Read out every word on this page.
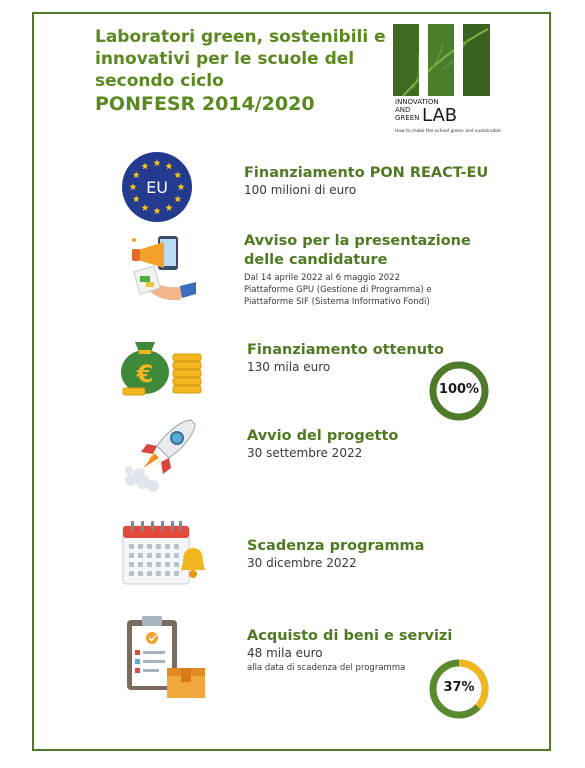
Laboratori green, sostenibili e innovativi per le scuole del secondo ciclo
PONFESR 2014/2020	INNOVATION
AND
GREEN LAB
How to make the school green and sustainable
EU

Finanziamento PON REACT-EU

100 milioni di euro

Avviso per la presentazione

delle candidature

Dal 14 aprile 2022 al 6 maggio 2022

Piattaforme GPU (Gestione di Programma) e

Piattaforme SIF (Sistema Informativo Fondi)

€

Finanziamento ottenuto

130 mila euro

100%

Avvio del progetto

30 settembre 2022

Scadenza programma

30 dicembre 2022

Acquisto di beni e servizi

48 mila euro

alla data di scadenza del programma

37%
